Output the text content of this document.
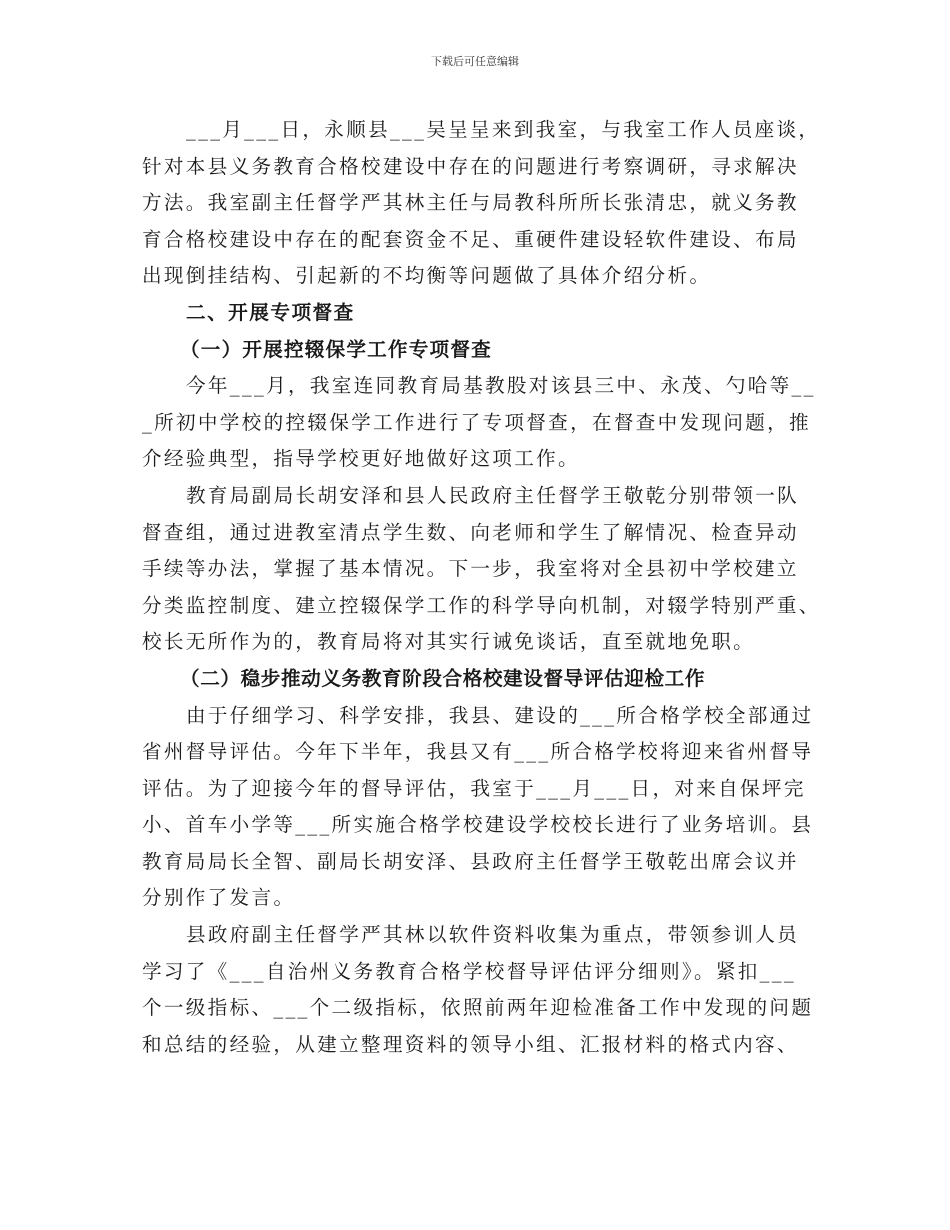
下载后可任意编辑
___月___日，永顺县___吴呈呈来到我室，与我室工作人员座谈，
针对本县义务教育合格校建设中存在的问题进行考察调研，寻求解决
方法。我室副主任督学严其林主任与局教科所所长张清忠，就义务教
育合格校建设中存在的配套资金不足、重硬件建设轻软件建设、布局
出现倒挂结构、引起新的不均衡等问题做了具体介绍分析。
二、开展专项督查
（一）开展控辍保学工作专项督查
今年___月，我室连同教育局基教股对该县三中、永茂、勺哈等__
_所初中学校的控辍保学工作进行了专项督查，在督查中发现问题，推
介经验典型，指导学校更好地做好这项工作。
教育局副局长胡安泽和县人民政府主任督学王敬乾分别带领一队
督查组，通过进教室清点学生数、向老师和学生了解情况、检查异动
手续等办法，掌握了基本情况。下一步，我室将对全县初中学校建立
分类监控制度、建立控辍保学工作的科学导向机制，对辍学特别严重、
校长无所作为的，教育局将对其实行诫免谈话，直至就地免职。
（二）稳步推动义务教育阶段合格校建设督导评估迎检工作
由于仔细学习、科学安排，我县、建设的___所合格学校全部通过
省州督导评估。今年下半年，我县又有___所合格学校将迎来省州督导
评估。为了迎接今年的督导评估，我室于___月___日，对来自保坪完
小、首车小学等___所实施合格学校建设学校校长进行了业务培训。县
教育局局长全智、副局长胡安泽、县政府主任督学王敬乾出席会议并
分别作了发言。
县政府副主任督学严其林以软件资料收集为重点，带领参训人员
学习了《___自治州义务教育合格学校督导评估评分细则》。紧扣___
个一级指标、___个二级指标，依照前两年迎检准备工作中发现的问题
和总结的经验，从建立整理资料的领导小组、汇报材料的格式内容、
